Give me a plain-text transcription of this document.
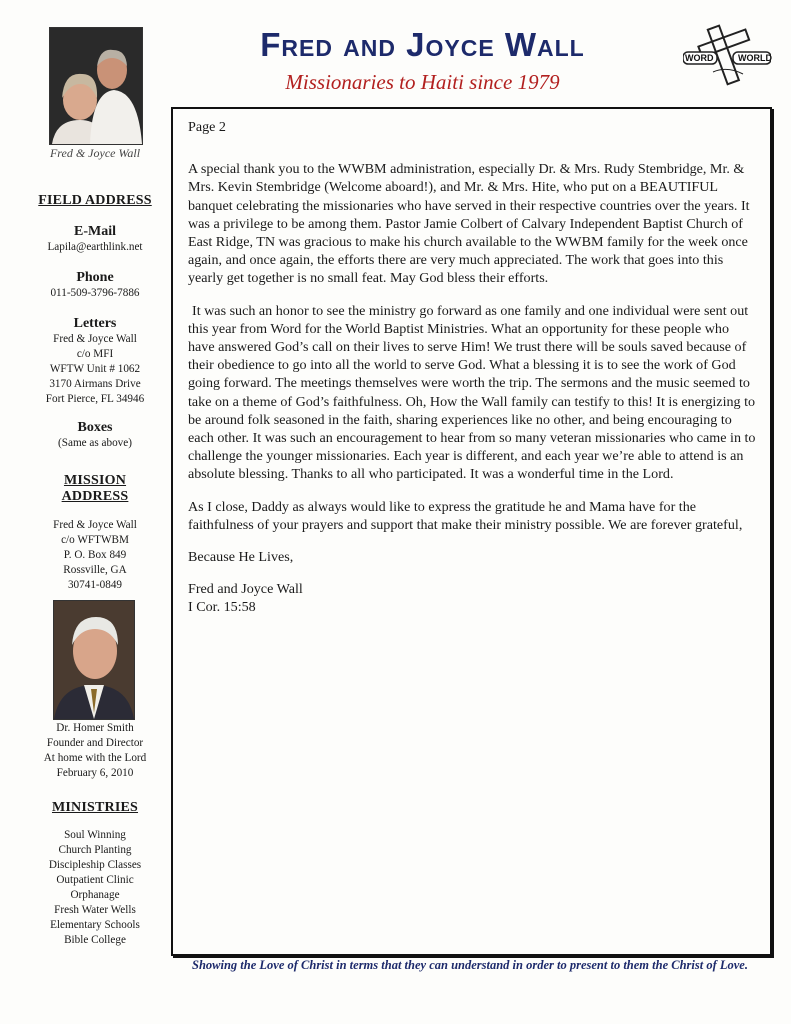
Fred & Joyce Wall
FIELD ADDRESS
E-Mail
Lapila@earthlink.net
Phone
011-509-3796-7886
Letters
Fred & Joyce Wall
c/o MFI
WFTW Unit # 1062
3170 Airmans Drive
Fort Pierce, FL 34946
Boxes
(Same as above)
MISSION
ADDRESS
Fred & Joyce Wall
c/o WFTWBM
P. O. Box 849
Rossville, GA
30741-0849
Dr. Homer Smith
Founder and Director
At home with the Lord
February 6, 2010
MINISTRIES
Soul Winning
Church Planting
Discipleship Classes
Outpatient Clinic
Orphanage
Fresh Water Wells
Elementary Schools
Bible College
Fred and Joyce Wall
Missionaries to Haiti since 1979
WORD	WORLD

Page 2

A special thank you to the WWBM administration, especially Dr. & Mrs. Rudy Stembridge, Mr. & Mrs. Kevin Stembridge (Welcome aboard!), and Mr. & Mrs. Hite, who put on a BEAUTIFUL banquet celebrating the missionaries who have served in their respective countries over the years. It was a privilege to be among them. Pastor Jamie Colbert of Calvary Independent Baptist Church of East Ridge, TN was gracious to make his church available to the WWBM family for the week once again, and once again, the efforts there are very much appreciated. The work that goes into this yearly get together is no small feat. May God bless their efforts.

It was such an honor to see the ministry go forward as one family and one individual were sent out this year from Word for the World Baptist Ministries. What an opportunity for these people who have answered God’s call on their lives to serve Him! We trust there will be souls saved because of their obedience to go into all the world to serve God. What a blessing it is to see the work of God going forward. The meetings themselves were worth the trip. The sermons and the music seemed to take on a theme of God’s faithfulness. Oh, How the Wall family can testify to this! It is energizing to be around folk seasoned in the faith, sharing experiences like no other, and being encouraging to each other. It was such an encouragement to hear from so many veteran missionaries who came in to challenge the younger missionaries. Each year is different, and each year we’re able to attend is an absolute blessing. Thanks to all who participated. It was a wonderful time in the Lord.

As I close, Daddy as always would like to express the gratitude he and Mama have for the faithfulness of your prayers and support that make their ministry possible. We are forever grateful,

Because He Lives,

Fred and Joyce Wall
I Cor. 15:58
Showing the Love of Christ in terms that they can understand in order to present to them the Christ of Love.
